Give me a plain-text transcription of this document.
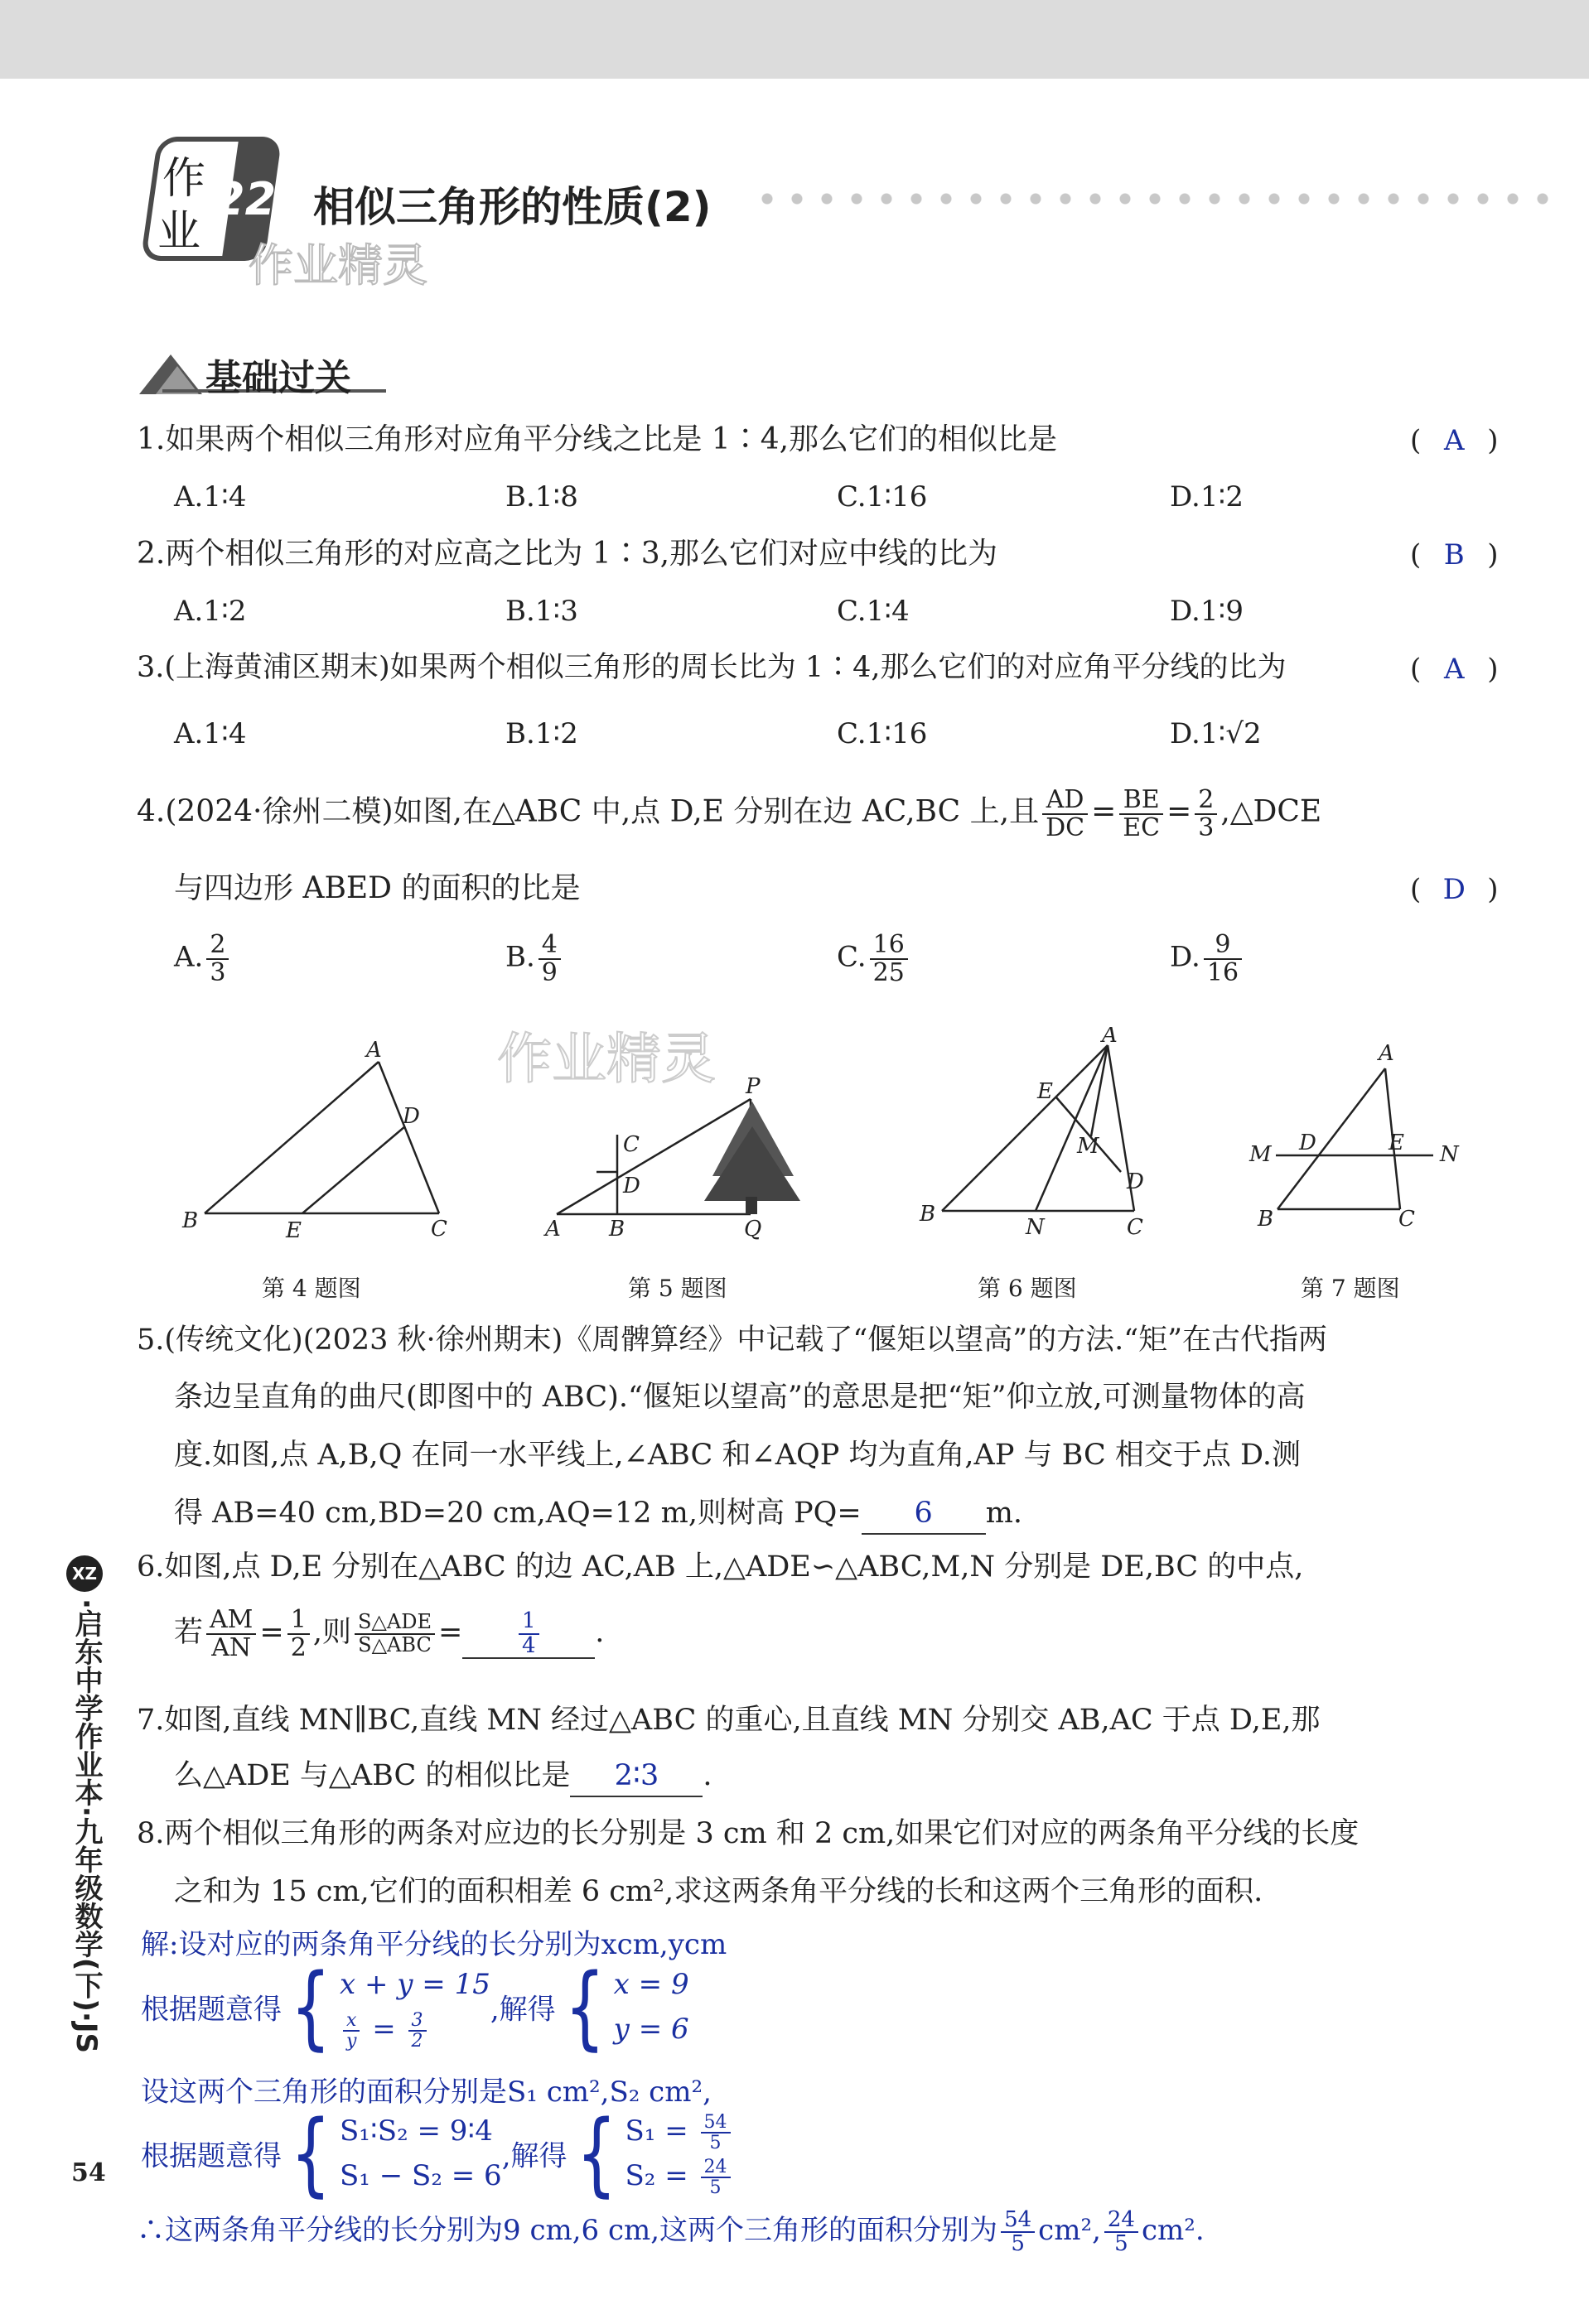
作
业
22 相似三角形的性质(2)
作业精灵
基础过关
1.如果两个相似三角形对应角平分线之比是 1∶4,那么它们的相似比是	( A )
A.1∶4	B.1∶8	C.1∶16	D.1∶2
2.两个相似三角形的对应高之比为 1∶3,那么它们对应中线的比为	( B )
A.1∶2	B.1∶3	C.1∶4	D.1∶9
3.(上海黄浦区期末)如果两个相似三角形的周长比为 1∶4,那么它们的对应角平分线的比为	( A )
A.1∶4	B.1∶2	C.1∶16	D.1∶√2
4.(2024·徐州二模)如图,在△ABC 中,点 D,E 分别在边 AC,BC 上,且 $\frac{AD}{DC} = \frac{BE}{EC} = \frac{2}{3}$ ,△DCE
与四边形 ABED 的面积的比是	( D )
A. $\frac{2}{3}$	B. $\frac{4}{9}$	C. $\frac{16}{25}$	D. $\frac{9}{16}$
作业精灵
A
D
B	E	C
P
C
D
A B	Q
A
E
M
D
B
N	C
A
M D	E N
B	C
第 4 题图	第 5 题图	第 6 题图	第 7 题图
5.(传统文化)(2023 秋·徐州期末)《周髀算经》中记载了“偃矩以望高”的方法.“矩”在古代指两
条边呈直角的曲尺(即图中的 ABC).“偃矩以望高”的意思是把“矩”仰立放,可测量物体的高
度.如图,点 A,B,Q 在同一水平线上,∠ABC 和∠AQP 均为直角,AP 与 BC 相交于点 D.测
得 AB=40 cm,BD=20 cm,AQ=12 m,则树高 PQ= 6 m.
6.如图,点 D,E 分别在△ABC 的边 AC,AB 上,△ADE∽△ABC,M,N 分别是 DE,BC 的中点,
若 $\frac{AM}{AN} = \frac{1}{2}$ ,则 $\frac{\text{S△ADE}}{\text{S△ABC}}$ =	$\frac{1}{4}$ .
7.如图,直线 MN∥BC,直线 MN 经过△ABC 的重心,且直线 MN 分别交 AB,AC 于点 D,E,那
么△ADE 与△ABC 的相似比是 2∶3 .
8.两个相似三角形的两条对应边的长分别是 3 cm 和 2 cm,如果它们对应的两条角平分线的长度
之和为 15 cm,它们的面积相差 6 cm²,求这两条角平分线的长和这两个三角形的面积.
解:设对应的两条角平分线的长分别为xcm,ycm
根据题意得{ x + y = 15
$\frac{x}{y} = \frac{3}{2}$
,解得{ x = 9
y = 6
设这两个三角形的面积分别是S₁ cm²,S₂ cm²,
根据题意得{ S₁∶S₂ = 9∶4
S₁ − S₂ = 6
,解得{ $S_1 = \frac{54}{5}$
$S_2 = \frac{24}{5}$
∴这两条角平分线的长分别为9 cm,6 cm,这两个三角形的面积分别为 $\frac{54}{5} cm^2$, $\frac{24}{5} cm^2$.
XZ
·启东中学作业本·九年级数学(下)·JS
54
